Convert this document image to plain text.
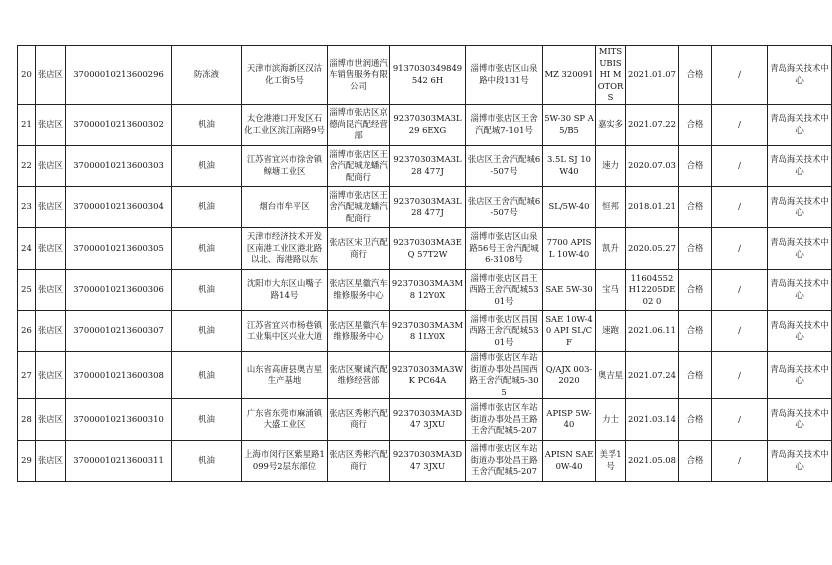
20	张店区	37000010213600296	防冻液	天津市滨海新区汉沽化工街5号	淄博市世润通汽车销售服务有限公司	9137030349849542 6H	淄博市张店区山泉路中段131号	MZ 320091	MITSUBISHI MOTORS	2021.01.07	合格	/	青岛海关技术中心
21	张店区	37000010213600302	机油	太仓港港口开发区石化工业区滨江南路9号	淄博市张店区京德尚昆汽配经营部	92370303MA3L29 6EXG	淄博市张店区王舍汽配城7-101号	5W-30 SP A5/B5	嘉实多	2021.07.22	合格	/	青岛海关技术中心
22	张店区	37000010213600303	机油	江苏省宜兴市徐舍镇鲸塘工业区	淄博市张店区王舍汽配城龙蟠汽配商行	92370303MA3L28 477J	张店区王舍汽配城6-507号	3.5L SJ 10W40	速力	2020.07.03	合格	/	青岛海关技术中心
23	张店区	37000010213600304	机油	烟台市牟平区	淄博市张店区王舍汽配城龙蟠汽配商行	92370303MA3L28 477J	张店区王舍汽配城6-507号	SL/5W-40	恒邦	2018.01.21	合格	/	青岛海关技术中心
24	张店区	37000010213600305	机油	天津市经济技术开发区南港工业区港北路以北、海港路以东	张店区宋卫汽配商行	92370303MA3EQ 57T2W	淄博市张店区山泉路56号王舍汽配城6-3108号	7700 APISL 10W-40	凯升	2020.05.27	合格	/	青岛海关技术中心
25	张店区	37000010213600306	机油	沈阳市大东区山嘴子路14号	张店区星徽汽车维修服务中心	92370303MA3M8 12Y0X	淄博市张店区昌王西路王舍汽配城5301号	SAE 5W-30	宝马	11604552 H12205DE02 0	合格	/	青岛海关技术中心
26	张店区	37000010213600307	机油	江苏省宜兴市杨巷镇工业集中区兴业大道	张店区星徽汽车维修服务中心	92370303MA3M8 1LY0X	淄博市张店区昌国西路王舍汽配城5301号	SAE 10W-40 API SL/CF	速跑	2021.06.11	合格	/	青岛海关技术中心
27	张店区	37000010213600308	机油	山东省高唐县奥吉星生产基地	张店区聚诚汽配维修经营部	92370303MA3WK PC64A	淄博市张店区车站街道办事处昌国西路王舍汽配城5-305	Q/AJX 003-2020	奥吉星	2021.07.24	合格	/	青岛海关技术中心
28	张店区	37000010213600310	机油	广东省东莞市麻涌镇大盛工业区	张店区秀彬汽配商行	92370303MA3D47 3JXU	淄博市张店区车站街道办事处昌王路王舍汽配城5-207	APISP 5W-40	力士	2021.03.14	合格	/	青岛海关技术中心
29	张店区	37000010213600311	机油	上海市闵行区紫星路1099号2层东部位	张店区秀彬汽配商行	92370303MA3D47 3JXU	淄博市张店区车站街道办事处昌王路王舍汽配城5-207	APISN SAE0W-40	美孚1号	2021.05.08	合格	/	青岛海关技术中心
